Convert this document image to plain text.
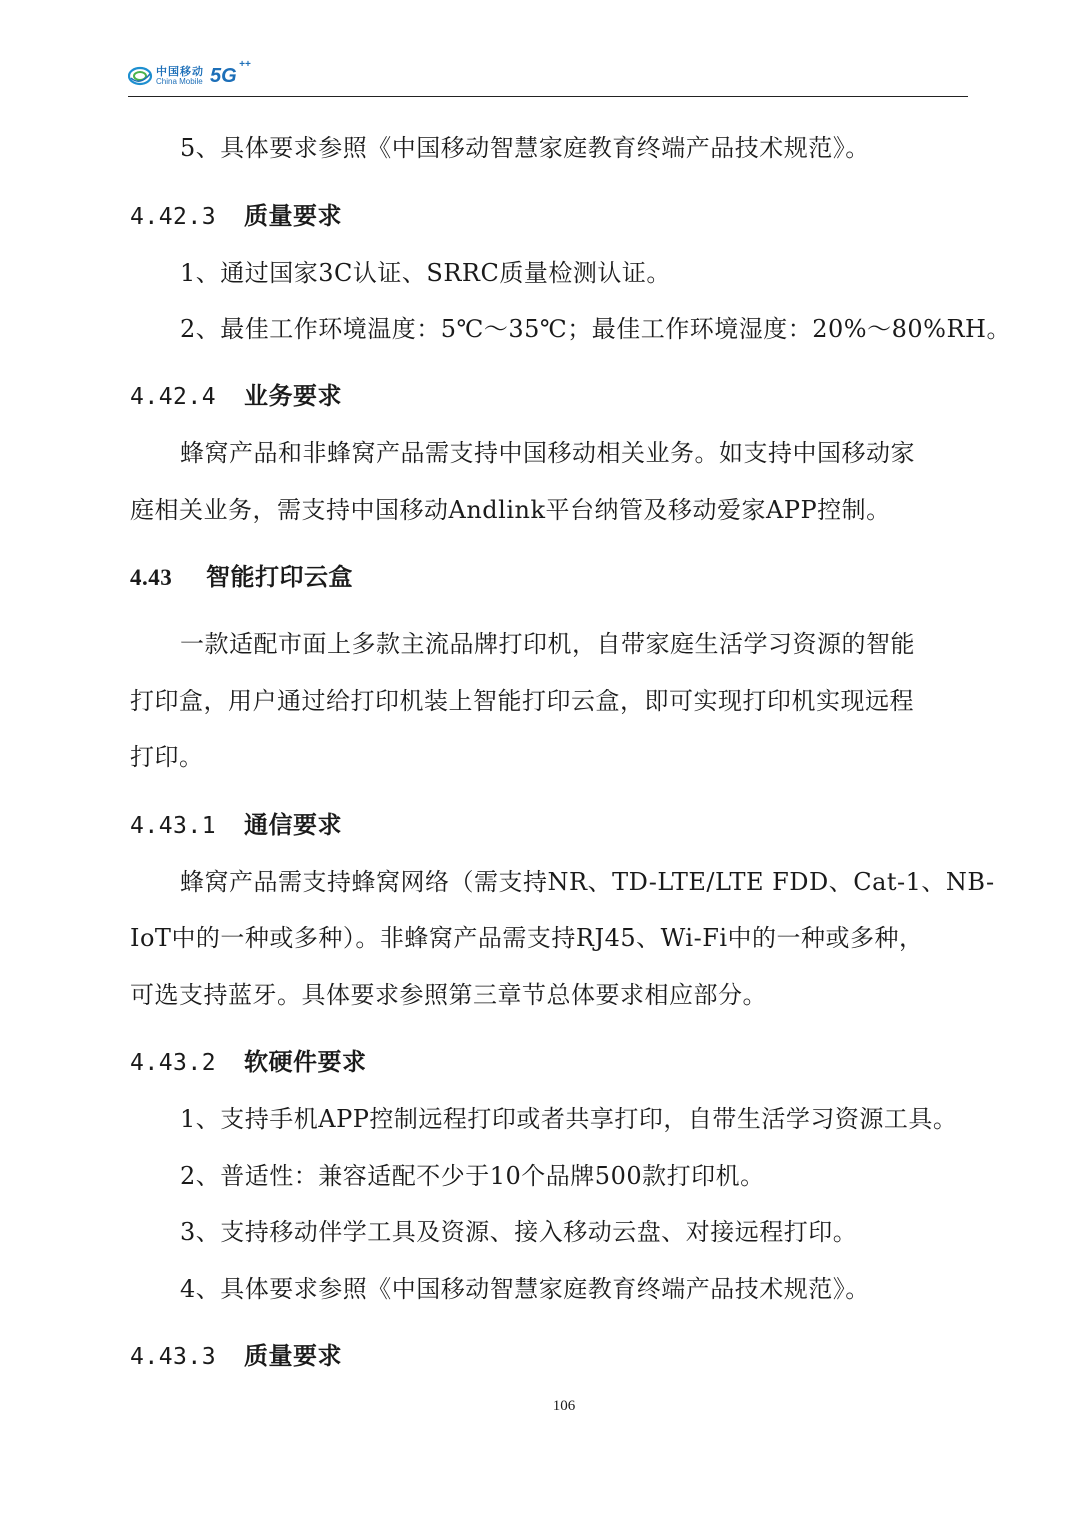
中国移动
China Mobile 5G
++
5、具体要求参照《中国移动智慧家庭教育终端产品技术规范》。
4.42.3 质量要求
1、通过国家3C认证、SRRC质量检测认证。
2、最佳工作环境温度：5℃～35℃；最佳工作环境湿度：20%～80%RH。
4.42.4 业务要求
蜂窝产品和非蜂窝产品需支持中国移动相关业务。如支持中国移动家
庭相关业务，需支持中国移动Andlink平台纳管及移动爱家APP控制。
4.43 智能打印云盒
一款适配市面上多款主流品牌打印机，自带家庭生活学习资源的智能
打印盒，用户通过给打印机装上智能打印云盒，即可实现打印机实现远程
打印。
4.43.1 通信要求
蜂窝产品需支持蜂窝网络（需支持NR、TD-LTE/LTE FDD、Cat-1、NB-
IoT中的一种或多种）。非蜂窝产品需支持RJ45、Wi-Fi中的一种或多种，
可选支持蓝牙。具体要求参照第三章节总体要求相应部分。
4.43.2 软硬件要求
1、支持手机APP控制远程打印或者共享打印，自带生活学习资源工具。
2、普适性：兼容适配不少于10个品牌500款打印机。
3、支持移动伴学工具及资源、接入移动云盘、对接远程打印。
4、具体要求参照《中国移动智慧家庭教育终端产品技术规范》。
4.43.3 质量要求
106
